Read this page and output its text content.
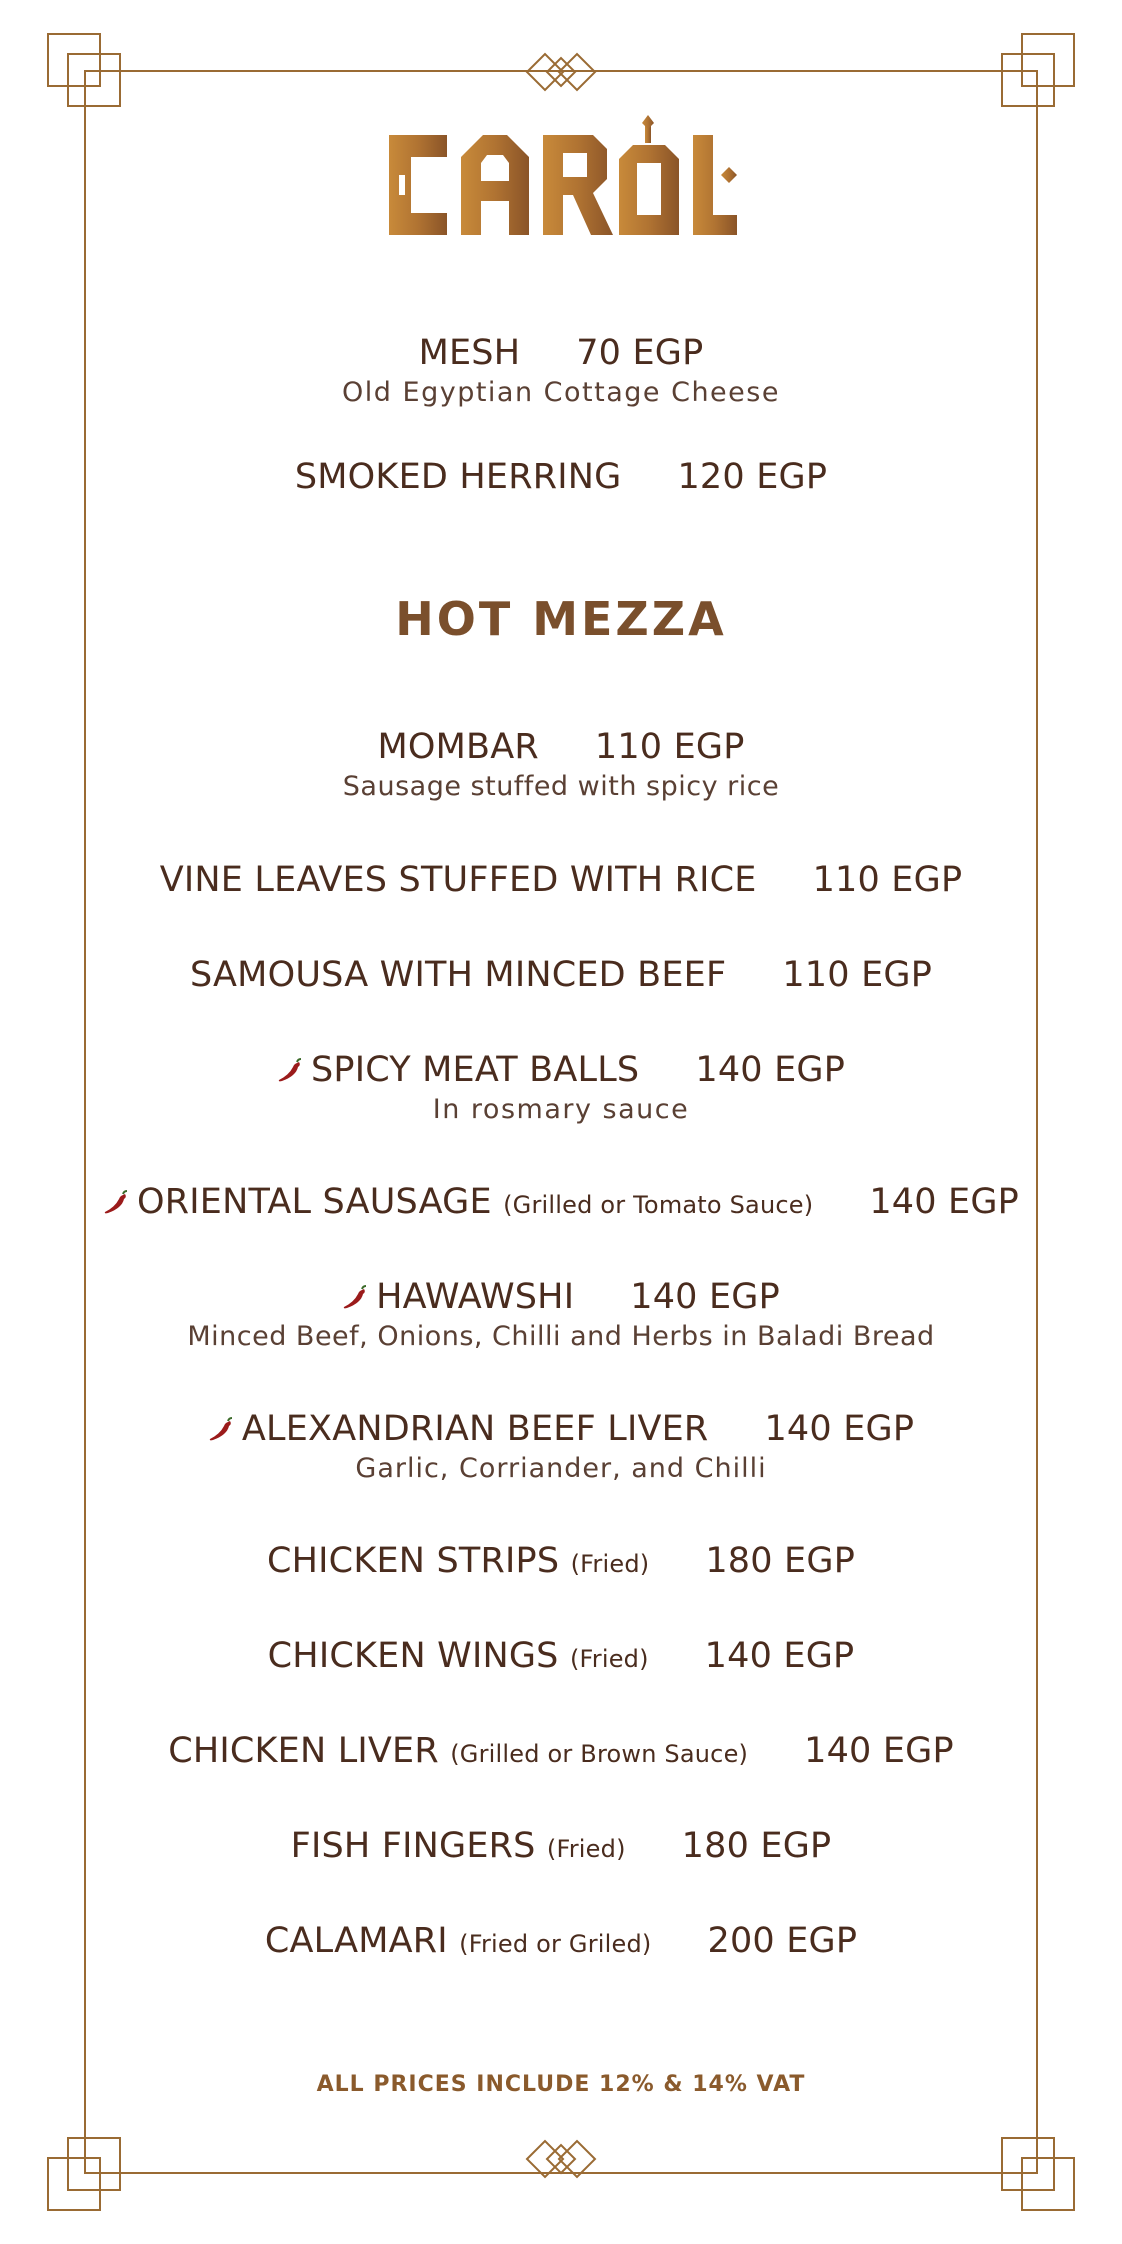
MESH 70 EGP
Old Egyptian Cottage Cheese
SMOKED HERRING 120 EGP
HOT MEZZA
MOMBAR 110 EGP
Sausage stuffed with spicy rice
VINE LEAVES STUFFED WITH RICE 110 EGP
SAMOUSA WITH MINCED BEEF 110 EGP
SPICY MEAT BALLS 140 EGP
In rosmary sauce
ORIENTAL SAUSAGE (Grilled or Tomato Sauce) 140 EGP
HAWAWSHI 140 EGP
Minced Beef, Onions, Chilli and Herbs in Baladi Bread
ALEXANDRIAN BEEF LIVER 140 EGP
Garlic, Corriander, and Chilli
CHICKEN STRIPS (Fried) 180 EGP
CHICKEN WINGS (Fried) 140 EGP
CHICKEN LIVER (Grilled or Brown Sauce) 140 EGP
FISH FINGERS (Fried) 180 EGP
CALAMARI (Fried or Griled) 200 EGP
ALL PRICES INCLUDE 12% & 14% VAT
